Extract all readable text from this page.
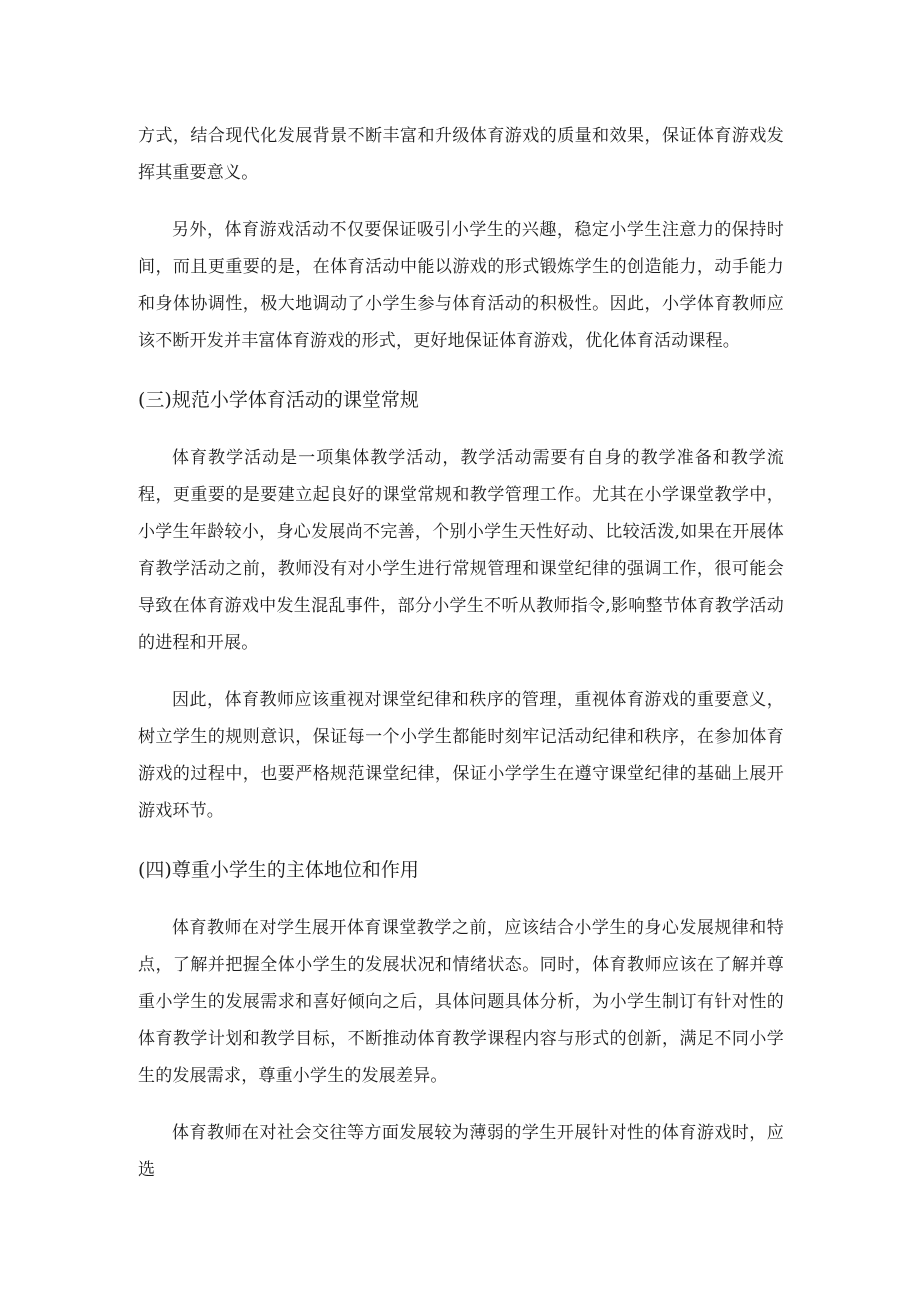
方式，结合现代化发展背景不断丰富和升级体育游戏的质量和效果，保证体育游戏发挥其重要意义。

另外，体育游戏活动不仅要保证吸引小学生的兴趣，稳定小学生注意力的保持时间，而且更重要的是，在体育活动中能以游戏的形式锻炼学生的创造能力，动手能力和身体协调性，极大地调动了小学生参与体育活动的积极性。因此，小学体育教师应该不断开发并丰富体育游戏的形式，更好地保证体育游戏，优化体育活动课程。

(三)规范小学体育活动的课堂常规

体育教学活动是一项集体教学活动，教学活动需要有自身的教学准备和教学流程，更重要的是要建立起良好的课堂常规和教学管理工作。尤其在小学课堂教学中，小学生年龄较小，身心发展尚不完善，个别小学生天性好动、比较活泼,如果在开展体育教学活动之前，教师没有对小学生进行常规管理和课堂纪律的强调工作，很可能会导致在体育游戏中发生混乱事件，部分小学生不听从教师指令,影响整节体育教学活动的进程和开展。

因此，体育教师应该重视对课堂纪律和秩序的管理，重视体育游戏的重要意义，树立学生的规则意识，保证每一个小学生都能时刻牢记活动纪律和秩序，在参加体育游戏的过程中，也要严格规范课堂纪律，保证小学学生在遵守课堂纪律的基础上展开游戏环节。

(四)尊重小学生的主体地位和作用

体育教师在对学生展开体育课堂教学之前，应该结合小学生的身心发展规律和特点，了解并把握全体小学生的发展状况和情绪状态。同时，体育教师应该在了解并尊重小学生的发展需求和喜好倾向之后，具体问题具体分析，为小学生制订有针对性的体育教学计划和教学目标，不断推动体育教学课程内容与形式的创新，满足不同小学生的发展需求，尊重小学生的发展差异。

体育教师在对社会交往等方面发展较为薄弱的学生开展针对性的体育游戏时，应选
